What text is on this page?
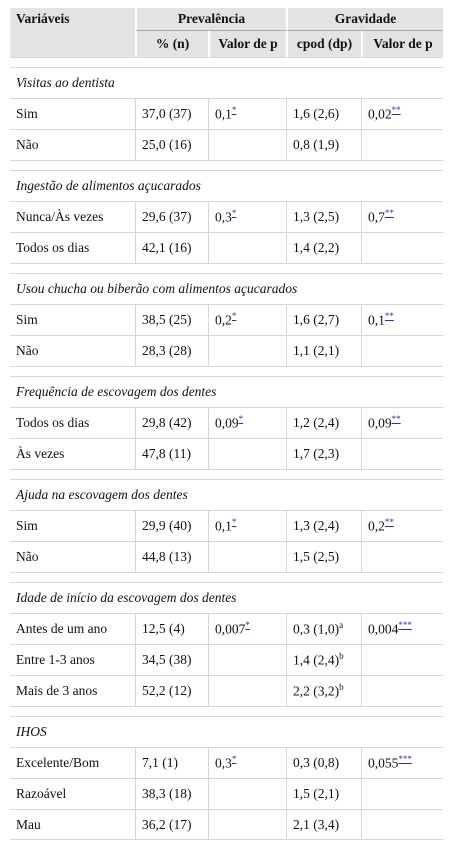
Variáveis	Prevalência		Gravidade	
	% (n)	Valor de p	cpod (dp)	Valor de p

Visitas ao dentista				
Sim	37,0 (37)	0,1*	1,6 (2,6)	0,02**
Não	25,0 (16)		0,8 (1,9)	

Ingestão de alimentos açucarados				
Nunca/Às vezes	29,6 (37)	0,3*	1,3 (2,5)	0,7**
Todos os dias	42,1 (16)		1,4 (2,2)	

Usou chucha ou biberão com alimentos açucarados				
Sim	38,5 (25)	0,2*	1,6 (2,7)	0,1**
Não	28,3 (28)		1,1 (2,1)	

Frequência de escovagem dos dentes				
Todos os dias	29,8 (42)	0,09*	1,2 (2,4)	0,09**
Às vezes	47,8 (11)		1,7 (2,3)	

Ajuda na escovagem dos dentes				
Sim	29,9 (40)	0,1*	1,3 (2,4)	0,2**
Não	44,8 (13)		1,5 (2,5)	

Idade de início da escovagem dos dentes				
Antes de um ano	12,5 (4)	0,007*	0,3 $(1,0)^a$	0,004***
Entre 1-3 anos	34,5 (38)		1,4 $(2,4)^b$	
Mais de 3 anos	52,2 (12)		2,2 $(3,2)^b$	

IHOS				
Excelente/Bom	7,1 (1)	0,3*	0,3 (0,8)	0,055***
Razoável	38,3 (18)		1,5 (2,1)	
Mau	36,2 (17)		2,1 (3,4)	
